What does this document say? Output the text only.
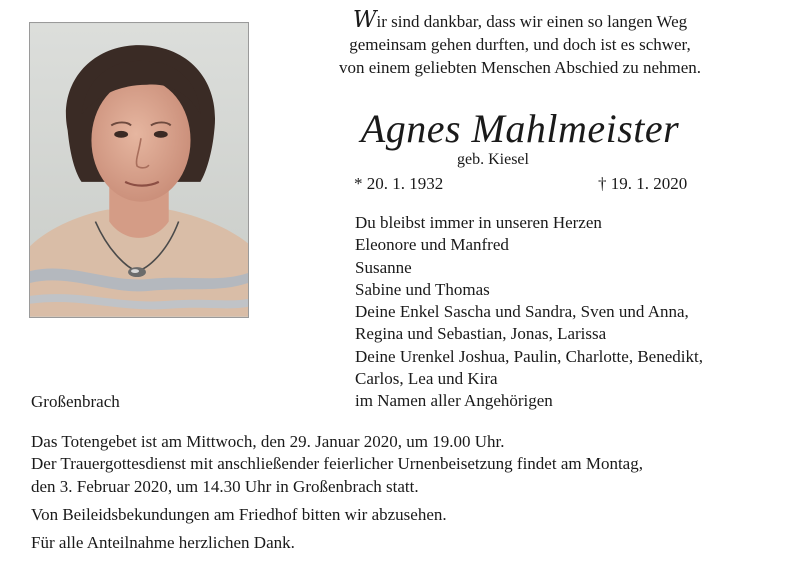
Wir sind dankbar, dass wir einen so langen Weg
gemeinsam gehen durften, und doch ist es schwer,
von einem geliebten Menschen Abschied zu nehmen.

Agnes Mahlmeister

geb. Kiesel

* 20. 1. 1932	† 19. 1. 2020

Du bleibst immer in unseren Herzen
Eleonore und Manfred
Susanne
Sabine und Thomas
Deine Enkel Sascha und Sandra, Sven und Anna,
Regina und Sebastian, Jonas, Larissa
Deine Urenkel Joshua, Paulin, Charlotte, Benedikt,
Carlos, Lea und Kira
im Namen aller Angehörigen

Großenbrach

Das Totengebet ist am Mittwoch, den 29. Januar 2020, um 19.00 Uhr.

Der Trauergottesdienst mit anschließender feierlicher Urnenbeisetzung findet am Montag,

den 3. Februar 2020, um 14.30 Uhr in Großenbrach statt.

Von Beileidsbekundungen am Friedhof bitten wir abzusehen.

Für alle Anteilnahme herzlichen Dank.
